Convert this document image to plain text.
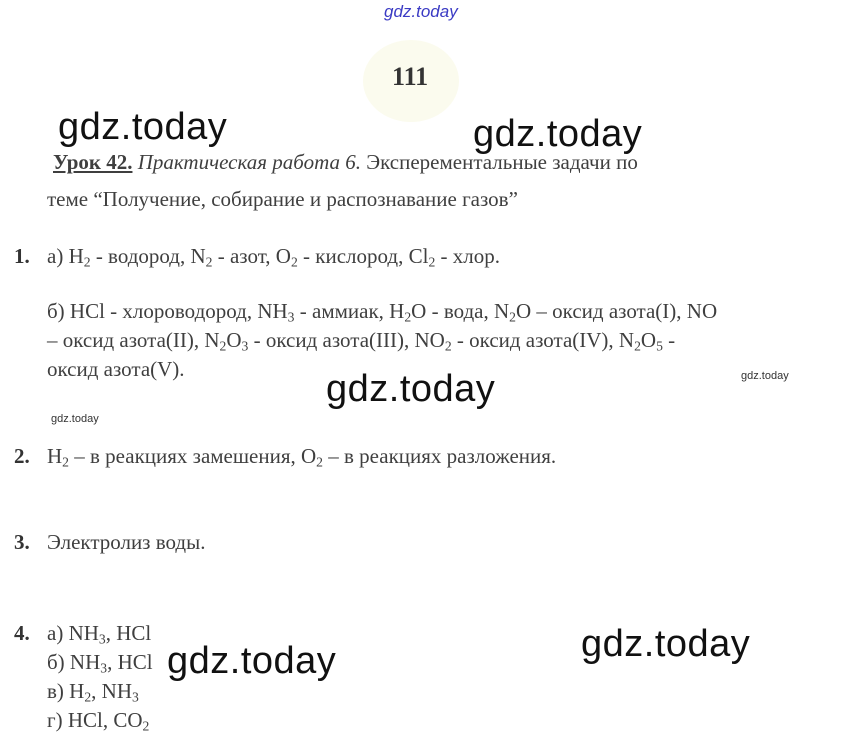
gdz.today
111
gdz.today	gdz.today
Урок 42. Практическая работа 6. Эксперементальные задачи по
теме “Получение, собирание и распознавание газов”
1. а) $H_2$ - водород, $N_2$ - азот, $O_2$ - кислород, $Cl_2$ - хлор.
б) HCl - хлороводород, $NH_3$ - аммиак, $H_2O$ - вода, $N_2O$ – оксид азота(I), NO
– оксид азота(II), $N_2O_3$ - оксид азота(III), $NO_2$ - оксид азота(IV), $N_2O_5$ -
оксид азота(V).	gdz.today	gdz.today
gdz.today
2. $H_2$ – в реакциях замешения, $O_2$ – в реакциях разложения.
3. Электролиз воды.
4. а) $NH_3$, HCl
б) $NH_3$, HCl
в) $H_2$, $NH_3$
г) HCl, $CO_2$
gdz.today	gdz.today
